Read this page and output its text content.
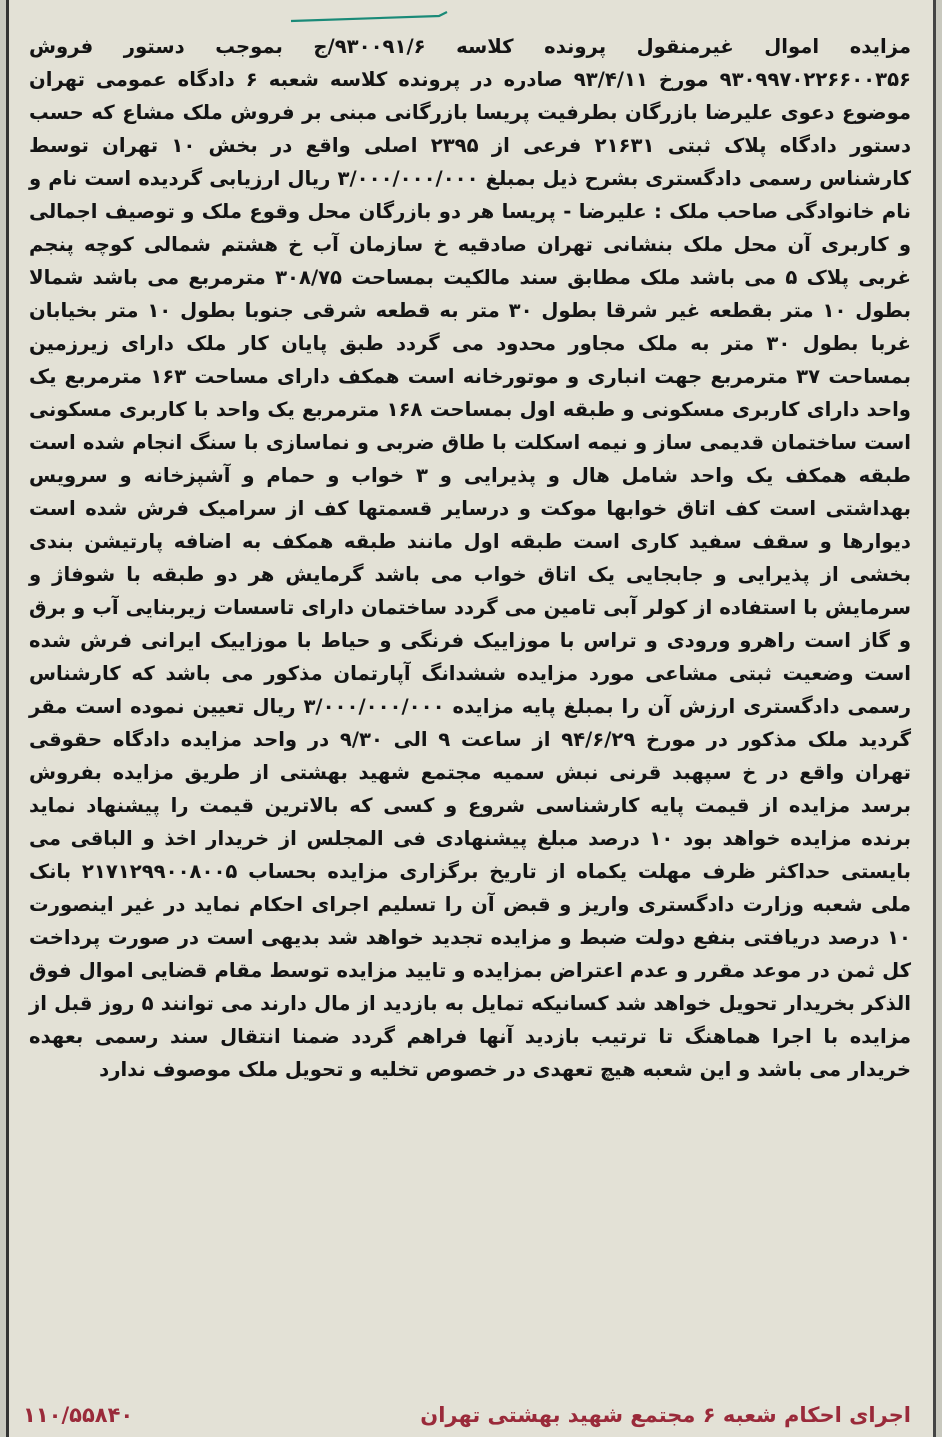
مزایده اموال غیرمنقول پرونده کلاسه ۹۳۰۰۹۱/۶/ج بموجب دستور فروش ۹۳۰۹۹۷۰۲۲۶۶۰۰۳۵۶ مورخ ۹۳/۴/۱۱ صادره در پرونده کلاسه شعبه ۶ دادگاه عمومی تهران موضوع دعوی علیرضا بازرگان بطرفیت پریسا بازرگانی مبنی بر فروش ملک مشاع که حسب دستور دادگاه پلاک ثبتی ۲۱۶۳۱ فرعی از ۲۳۹۵ اصلی واقع در بخش ۱۰ تهران توسط کارشناس رسمی دادگستری بشرح ذیل بمبلغ ۳/۰۰۰/۰۰۰/۰۰۰ ریال ارزیابی گردیده است نام و نام خانوادگی صاحب ملک : علیرضا - پریسا هر دو بازرگان محل وقوع ملک و توصیف اجمالی و کاربری آن محل ملک بنشانی تهران صادقیه خ سازمان آب خ هشتم شمالی کوچه پنجم غربی پلاک ۵ می باشد ملک مطابق سند مالکیت بمساحت ۳۰۸/۷۵ مترمربع می باشد شمالا بطول ۱۰ متر بقطعه غیر شرقا بطول ۳۰ متر به قطعه شرقی جنوبا بطول ۱۰ متر بخیابان غربا بطول ۳۰ متر به ملک مجاور محدود می گردد طبق پایان کار ملک دارای زیرزمین بمساحت ۳۷ مترمربع جهت انباری و موتورخانه است همکف دارای مساحت ۱۶۳ مترمربع یک واحد دارای کاربری مسکونی و طبقه اول بمساحت ۱۶۸ مترمربع یک واحد با کاربری مسکونی است ساختمان قدیمی ساز و نیمه اسکلت با طاق ضربی و نماسازی با سنگ انجام شده است طبقه همکف یک واحد شامل هال و پذیرایی و ۳ خواب و حمام و آشپزخانه و سرویس بهداشتی است کف اتاق خوابها موکت و درسایر قسمتها کف از سرامیک فرش شده است دیوارها و سقف سفید کاری است طبقه اول مانند طبقه همکف به اضافه پارتیشن بندی بخشی از پذیرایی و جابجایی یک اتاق خواب می باشد گرمایش هر دو طبقه با شوفاژ و سرمایش با استفاده از کولر آبی تامین می گردد ساختمان دارای تاسسات زیربنایی آب و برق و گاز است راهرو ورودی و تراس با موزاییک فرنگی و حیاط با موزاییک ایرانی فرش شده است وضعیت ثبتی مشاعی مورد مزایده ششدانگ آپارتمان مذکور می باشد که کارشناس رسمی دادگستری ارزش آن را بمبلغ پایه مزایده ۳/۰۰۰/۰۰۰/۰۰۰ ریال تعیین نموده است مقر گردید ملک مذکور در مورخ ۹۴/۶/۲۹ از ساعت ۹ الی ۹/۳۰ در واحد مزایده دادگاه حقوقی تهران واقع در خ سپهبد قرنی نبش سمیه مجتمع شهید بهشتی از طریق مزایده بفروش برسد مزایده از قیمت پایه کارشناسی شروع و کسی که بالاترین قیمت را پیشنهاد نماید برنده مزایده خواهد بود ۱۰ درصد مبلغ پیشنهادی فی المجلس از خریدار اخذ و الباقی می بایستی حداکثر ظرف مهلت یکماه از تاریخ برگزاری مزایده بحساب ۲۱۷۱۲۹۹۰۰۸۰۰۵ بانک ملی شعبه وزارت دادگستری واریز و قبض آن را تسلیم اجرای احکام نماید در غیر اینصورت ۱۰ درصد دریافتی بنفع دولت ضبط و مزایده تجدید خواهد شد بدیهی است در صورت پرداخت کل ثمن در موعد مقرر و عدم اعتراض بمزایده و تایید مزایده توسط مقام قضایی اموال فوق الذکر بخریدار تحویل خواهد شد کسانیکه تمایل به بازدید از مال دارند می توانند ۵ روز قبل از مزایده با اجرا هماهنگ تا ترتیب بازدید آنها فراهم گردد ضمنا انتقال سند رسمی بعهده خریدار می باشد و این شعبه هیچ تعهدی در خصوص تخلیه و تحویل ملک موصوف ندارد
اجرای احکام شعبه ۶ مجتمع شهید بهشتی تهران
۱۱۰/۵۵۸۴۰
